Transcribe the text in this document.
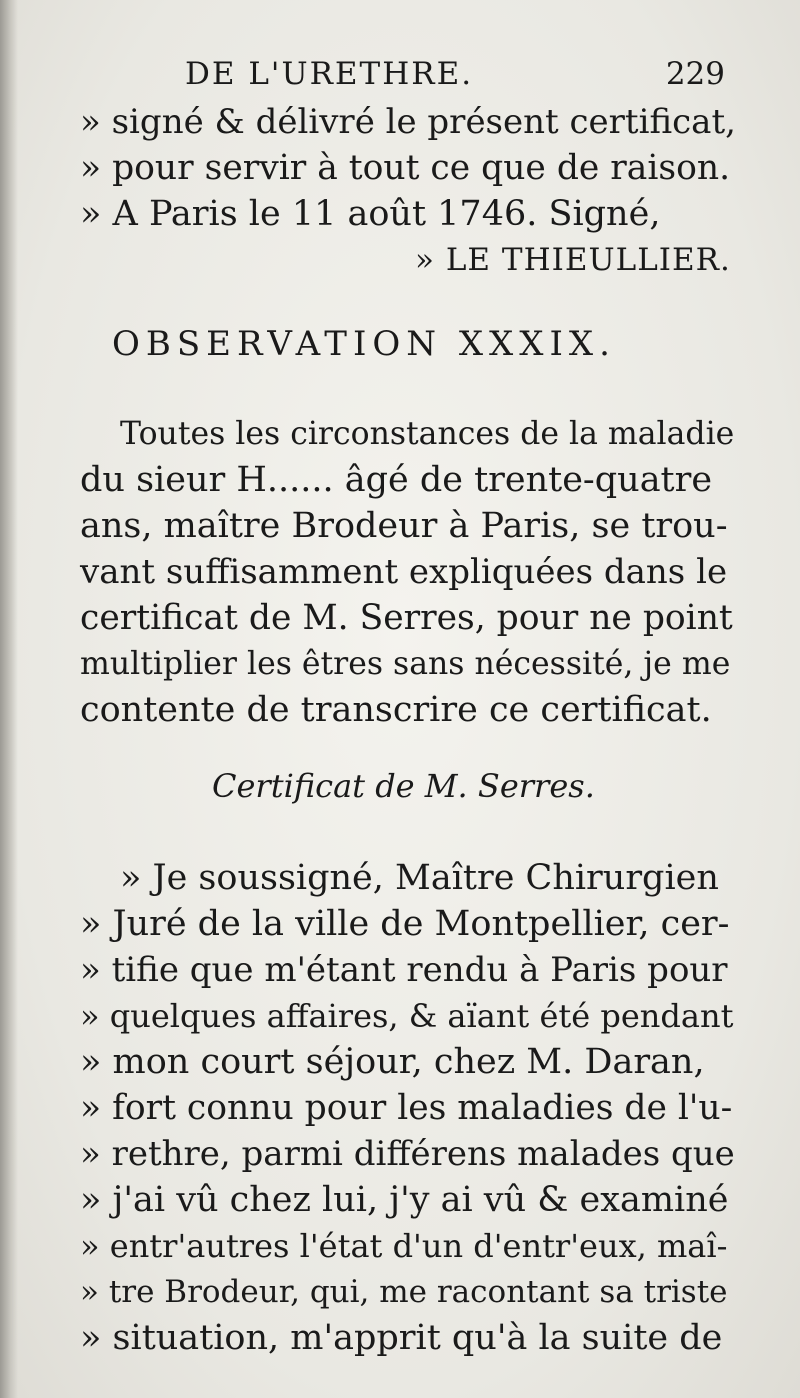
DE L'URETHRE.	229
» signé & délivré le présent certificat,
» pour servir à tout ce que de raison.
» A Paris le 11 août 1746. Signé,
» LE THIEULLIER.
OBSERVATION XXXIX.
Toutes les circonstances de la maladie
du sieur H...... âgé de trente-quatre
ans, maître Brodeur à Paris, se trou-
vant suffisamment expliquées dans le
certificat de M. Serres, pour ne point
multiplier les êtres sans nécessité, je me
contente de transcrire ce certificat.
Certificat de M. Serres.
» Je soussigné, Maître Chirurgien
» Juré de la ville de Montpellier, cer-
» tifie que m'étant rendu à Paris pour
» quelques affaires, & aïant été pendant
» mon court séjour, chez M. Daran,
» fort connu pour les maladies de l'u-
» rethre, parmi différens malades que
» j'ai vû chez lui, j'y ai vû & examiné
» entr'autres l'état d'un d'entr'eux, maî-
» tre Brodeur, qui, me racontant sa triste
» situation, m'apprit qu'à la suite de
